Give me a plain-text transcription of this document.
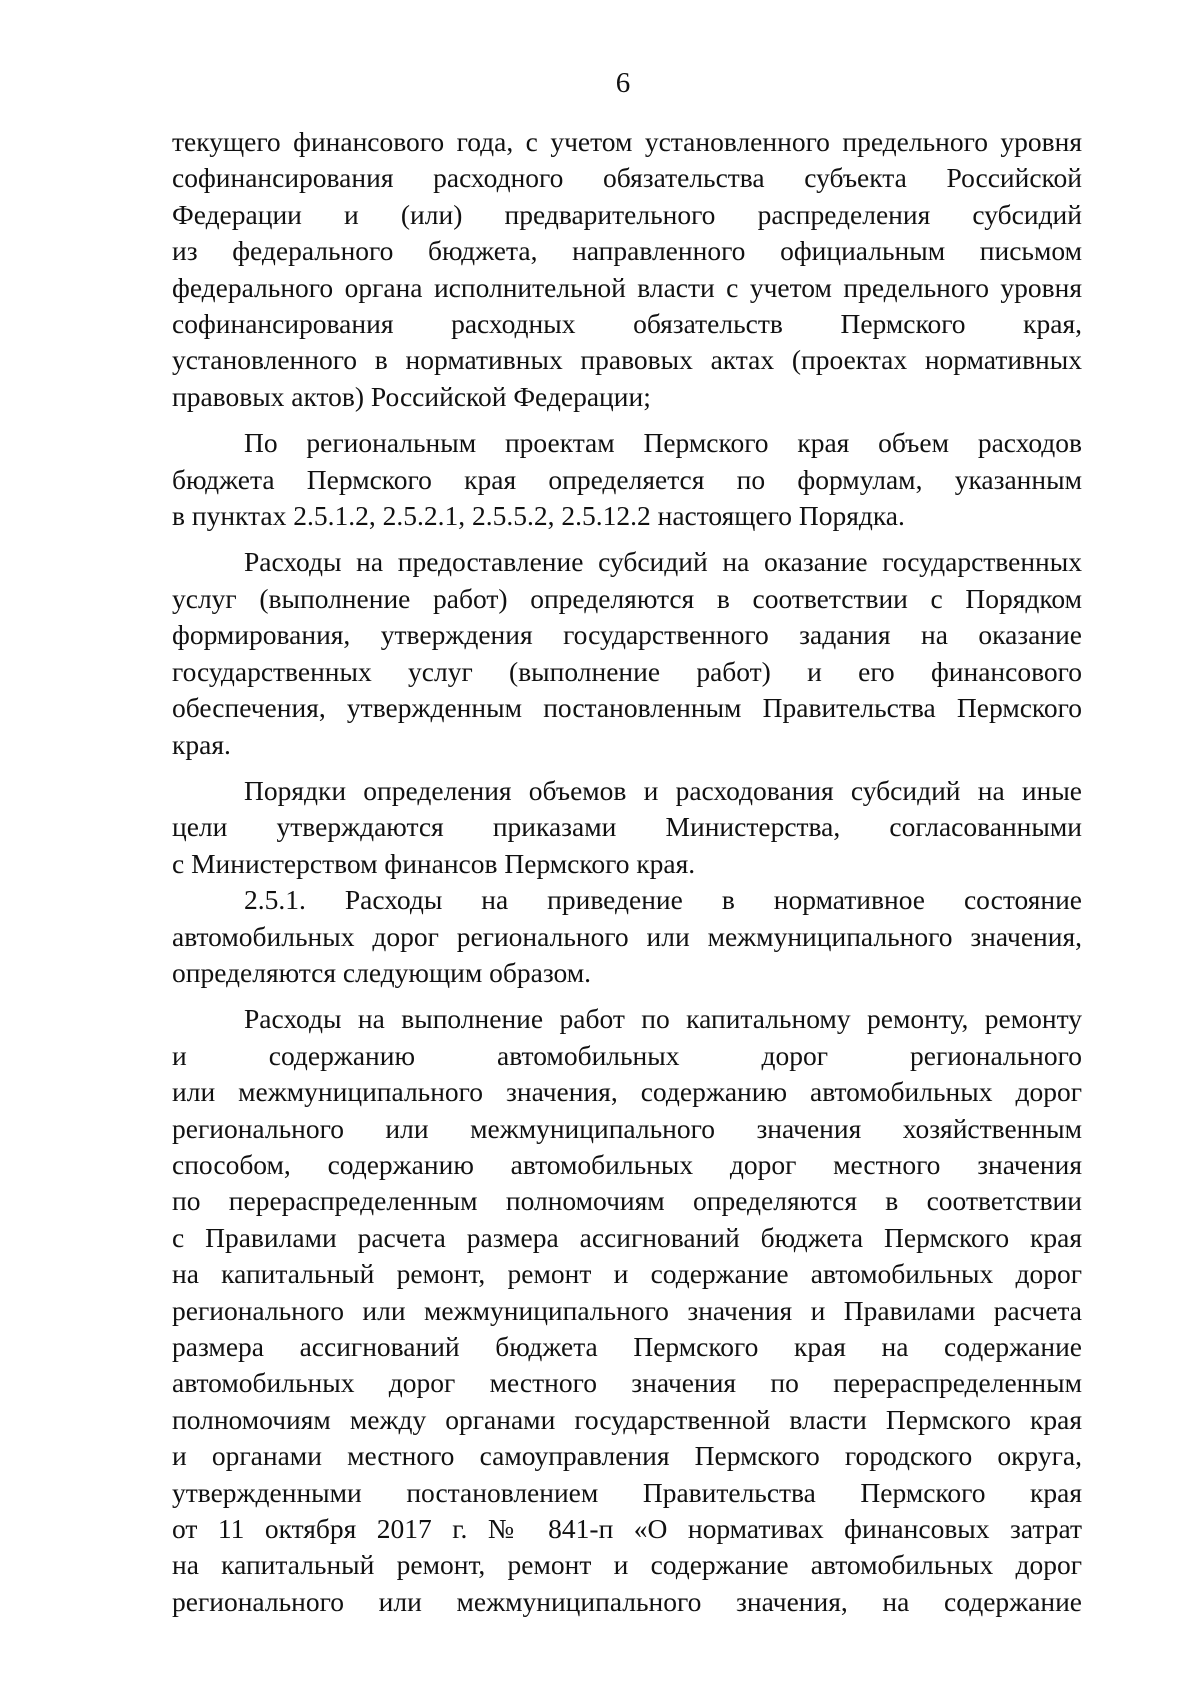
6
текущего финансового года, с учетом установленного предельного уровня
софинансирования расходного обязательства субъекта Российской
Федерации и (или) предварительного распределения субсидий
из федерального бюджета, направленного официальным письмом
федерального органа исполнительной власти с учетом предельного уровня
софинансирования расходных обязательств Пермского края,
установленного в нормативных правовых актах (проектах нормативных
правовых актов) Российской Федерации;
По региональным проектам Пермского края объем расходов
бюджета Пермского края определяется по формулам, указанным
в пунктах 2.5.1.2, 2.5.2.1, 2.5.5.2, 2.5.12.2 настоящего Порядка.
Расходы на предоставление субсидий на оказание государственных
услуг (выполнение работ) определяются в соответствии с Порядком
формирования, утверждения государственного задания на оказание
государственных услуг (выполнение работ) и его финансового
обеспечения, утвержденным постановленным Правительства Пермского
края.
Порядки определения объемов и расходования субсидий на иные
цели утверждаются приказами Министерства, согласованными
с Министерством финансов Пермского края.
2.5.1. Расходы на приведение в нормативное состояние
автомобильных дорог регионального или межмуниципального значения,
определяются следующим образом.
Расходы на выполнение работ по капитальному ремонту, ремонту
и содержанию автомобильных дорог регионального
или межмуниципального значения, содержанию автомобильных дорог
регионального или межмуниципального значения хозяйственным
способом, содержанию автомобильных дорог местного значения
по перераспределенным полномочиям определяются в соответствии
с Правилами расчета размера ассигнований бюджета Пермского края
на капитальный ремонт, ремонт и содержание автомобильных дорог
регионального или межмуниципального значения и Правилами расчета
размера ассигнований бюджета Пермского края на содержание
автомобильных дорог местного значения по перераспределенным
полномочиям между органами государственной власти Пермского края
и органами местного самоуправления Пермского городского округа,
утвержденными постановлением Правительства Пермского края
от 11 октября 2017 г. № 841-п «О нормативах финансовых затрат
на капитальный ремонт, ремонт и содержание автомобильных дорог
регионального или межмуниципального значения, на содержание
